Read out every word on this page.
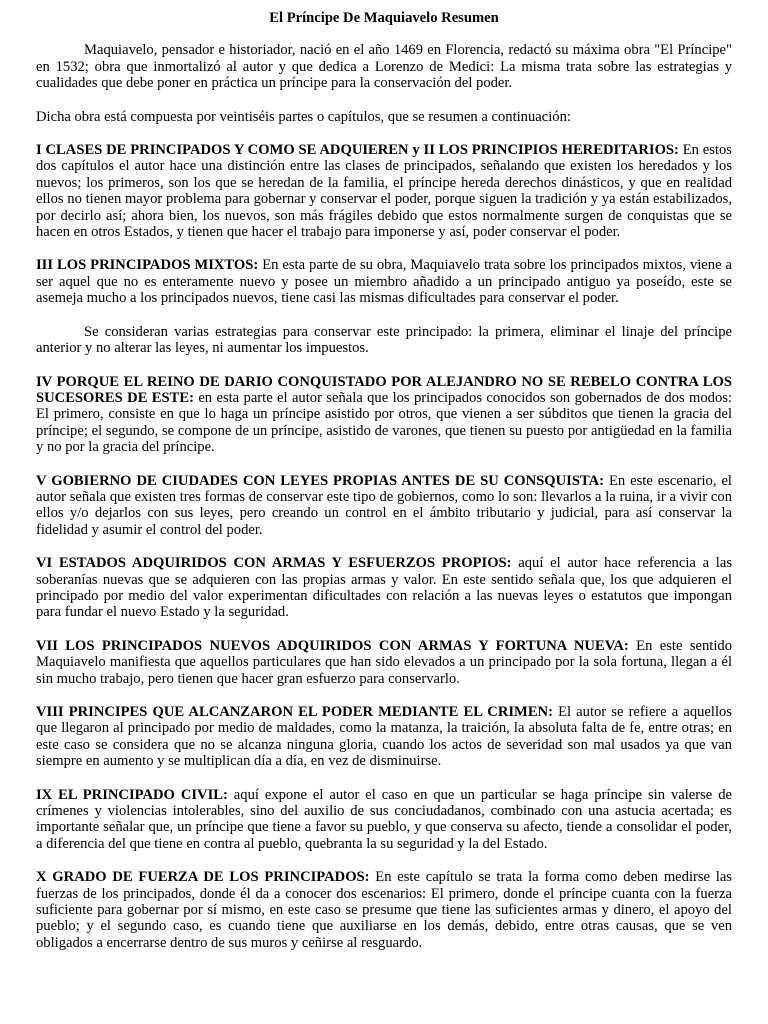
El Príncipe De Maquiavelo Resumen

Maquiavelo, pensador e historiador, nació en el año 1469 en Florencia, redactó su máxima obra "El Príncipe" en 1532; obra que inmortalizó al autor y que dedica a Lorenzo de Medici: La misma trata sobre las estrategias y cualidades que debe poner en práctica un príncipe para la conservación del poder.

Dicha obra está compuesta por veintiséis partes o capítulos, que se resumen a continuación:

I CLASES DE PRINCIPADOS Y COMO SE ADQUIEREN y II LOS PRINCIPIOS HEREDITARIOS: En estos dos capítulos el autor hace una distinción entre las clases de principados, señalando que existen los heredados y los nuevos; los primeros, son los que se heredan de la familia, el príncipe hereda derechos dinásticos, y que en realidad ellos no tienen mayor problema para gobernar y conservar el poder, porque siguen la tradición y ya están estabilizados, por decirlo así; ahora bien, los nuevos, son más frágiles debido que estos normalmente surgen de conquistas que se hacen en otros Estados, y tienen que hacer el trabajo para imponerse y así, poder conservar el poder.

III LOS PRINCIPADOS MIXTOS: En esta parte de su obra, Maquiavelo trata sobre los principados mixtos, viene a ser aquel que no es enteramente nuevo y posee un miembro añadido a un principado antiguo ya poseído, este se asemeja mucho a los principados nuevos, tiene casi las mismas dificultades para conservar el poder.

Se consideran varias estrategias para conservar este principado: la primera, eliminar el linaje del príncipe anterior y no alterar las leyes, ni aumentar los impuestos.

IV PORQUE EL REINO DE DARIO CONQUISTADO POR ALEJANDRO NO SE REBELO CONTRA LOS SUCESORES DE ESTE: en esta parte el autor señala que los principados conocidos son gobernados de dos modos: El primero, consiste en que lo haga un príncipe asistido por otros, que vienen a ser súbditos que tienen la gracia del príncipe; el segundo, se compone de un príncipe, asistido de varones, que tienen su puesto por antigüedad en la familia y no por la gracia del príncipe.

V GOBIERNO DE CIUDADES CON LEYES PROPIAS ANTES DE SU CONSQUISTA: En este escenario, el autor señala que existen tres formas de conservar este tipo de gobiernos, como lo son: llevarlos a la ruina, ir a vivir con ellos y/o dejarlos con sus leyes, pero creando un control en el ámbito tributario y judicial, para así conservar la fidelidad y asumir el control del poder.

VI ESTADOS ADQUIRIDOS CON ARMAS Y ESFUERZOS PROPIOS: aquí el autor hace referencia a las soberanías nuevas que se adquieren con las propias armas y valor. En este sentido señala que, los que adquieren el principado por medio del valor experimentan dificultades con relación a las nuevas leyes o estatutos que impongan para fundar el nuevo Estado y la seguridad.

VII LOS PRINCIPADOS NUEVOS ADQUIRIDOS CON ARMAS Y FORTUNA NUEVA: En este sentido Maquiavelo manifiesta que aquellos particulares que han sido elevados a un principado por la sola fortuna, llegan a él sin mucho trabajo, pero tienen que hacer gran esfuerzo para conservarlo.

VIII PRINCIPES QUE ALCANZARON EL PODER MEDIANTE EL CRIMEN: El autor se refiere a aquellos que llegaron al principado por medio de maldades, como la matanza, la traición, la absoluta falta de fe, entre otras; en este caso se considera que no se alcanza ninguna gloria, cuando los actos de severidad son mal usados ya que van siempre en aumento y se multiplican día a día, en vez de disminuirse.

IX EL PRINCIPADO CIVIL: aquí expone el autor el caso en que un particular se haga príncipe sin valerse de crímenes y violencias intolerables, sino del auxilio de sus conciudadanos, combinado con una astucia acertada; es importante señalar que, un príncipe que tiene a favor su pueblo, y que conserva su afecto, tiende a consolidar el poder, a diferencia del que tiene en contra al pueblo, quebranta la su seguridad y la del Estado.

X GRADO DE FUERZA DE LOS PRINCIPADOS: En este capítulo se trata la forma como deben medirse las fuerzas de los principados, donde él da a conocer dos escenarios: El primero, donde el príncipe cuanta con la fuerza suficiente para gobernar por sí mismo, en este caso se presume que tiene las suficientes armas y dinero, el apoyo del pueblo; y el segundo caso, es cuando tiene que auxiliarse en los demás, debido, entre otras causas, que se ven obligados a encerrarse dentro de sus muros y ceñirse al resguardo.
